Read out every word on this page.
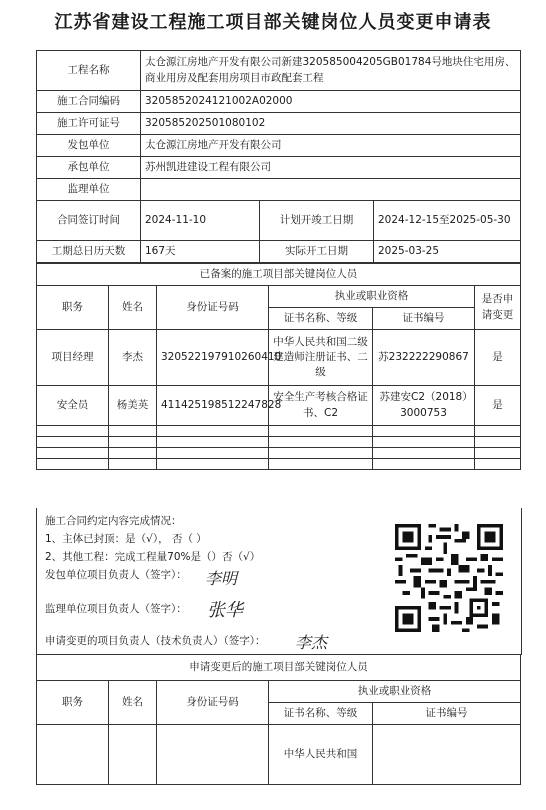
江苏省建设工程施工项目部关键岗位人员变更申请表
工程名称	太仓源江房地产开发有限公司新建320585004205GB01784号地块住宅用房、商业用房及配套用房项目市政配套工程		
施工合同编码	3205852024121002A02000		
施工许可证号	320585202501080102		
发包单位	太仓源江房地产开发有限公司		
承包单位	苏州凯进建设工程有限公司		
监理单位			
合同签订时间	2024-11-10	计划开竣工日期	2024-12-15至2025-05-30
工期总日历天数	167天	实际开工日期	2025-03-25
已备案的施工项目部关键岗位人员					
职务	姓名	身份证号码	执业或职业资格		是否申请变更
			证书名称、等级	证书编号	
项目经理	李杰	320522197910260410	中华人民共和国二级建造师注册证书、二级	苏232222290867	是
安全员	杨美英	411425198512247828	安全生产考核合格证书、C2	苏建安C2（2018）3000753	是

施工合同约定内容完成情况：
1、主体已封顶：是（√）， 否（ ）
2、其他工程：完成工程量70%是（）否（√）
发包单位项目负责人（签字）： 李明
监理单位项目负责人（签字）： 张华
申请变更的项目负责人（技术负责人）（签字）： 李杰
申请变更后的施工项目部关键岗位人员				
职务	姓名	身份证号码	执业或职业资格	
			证书名称、等级	证书编号
			中华人民共和国	
